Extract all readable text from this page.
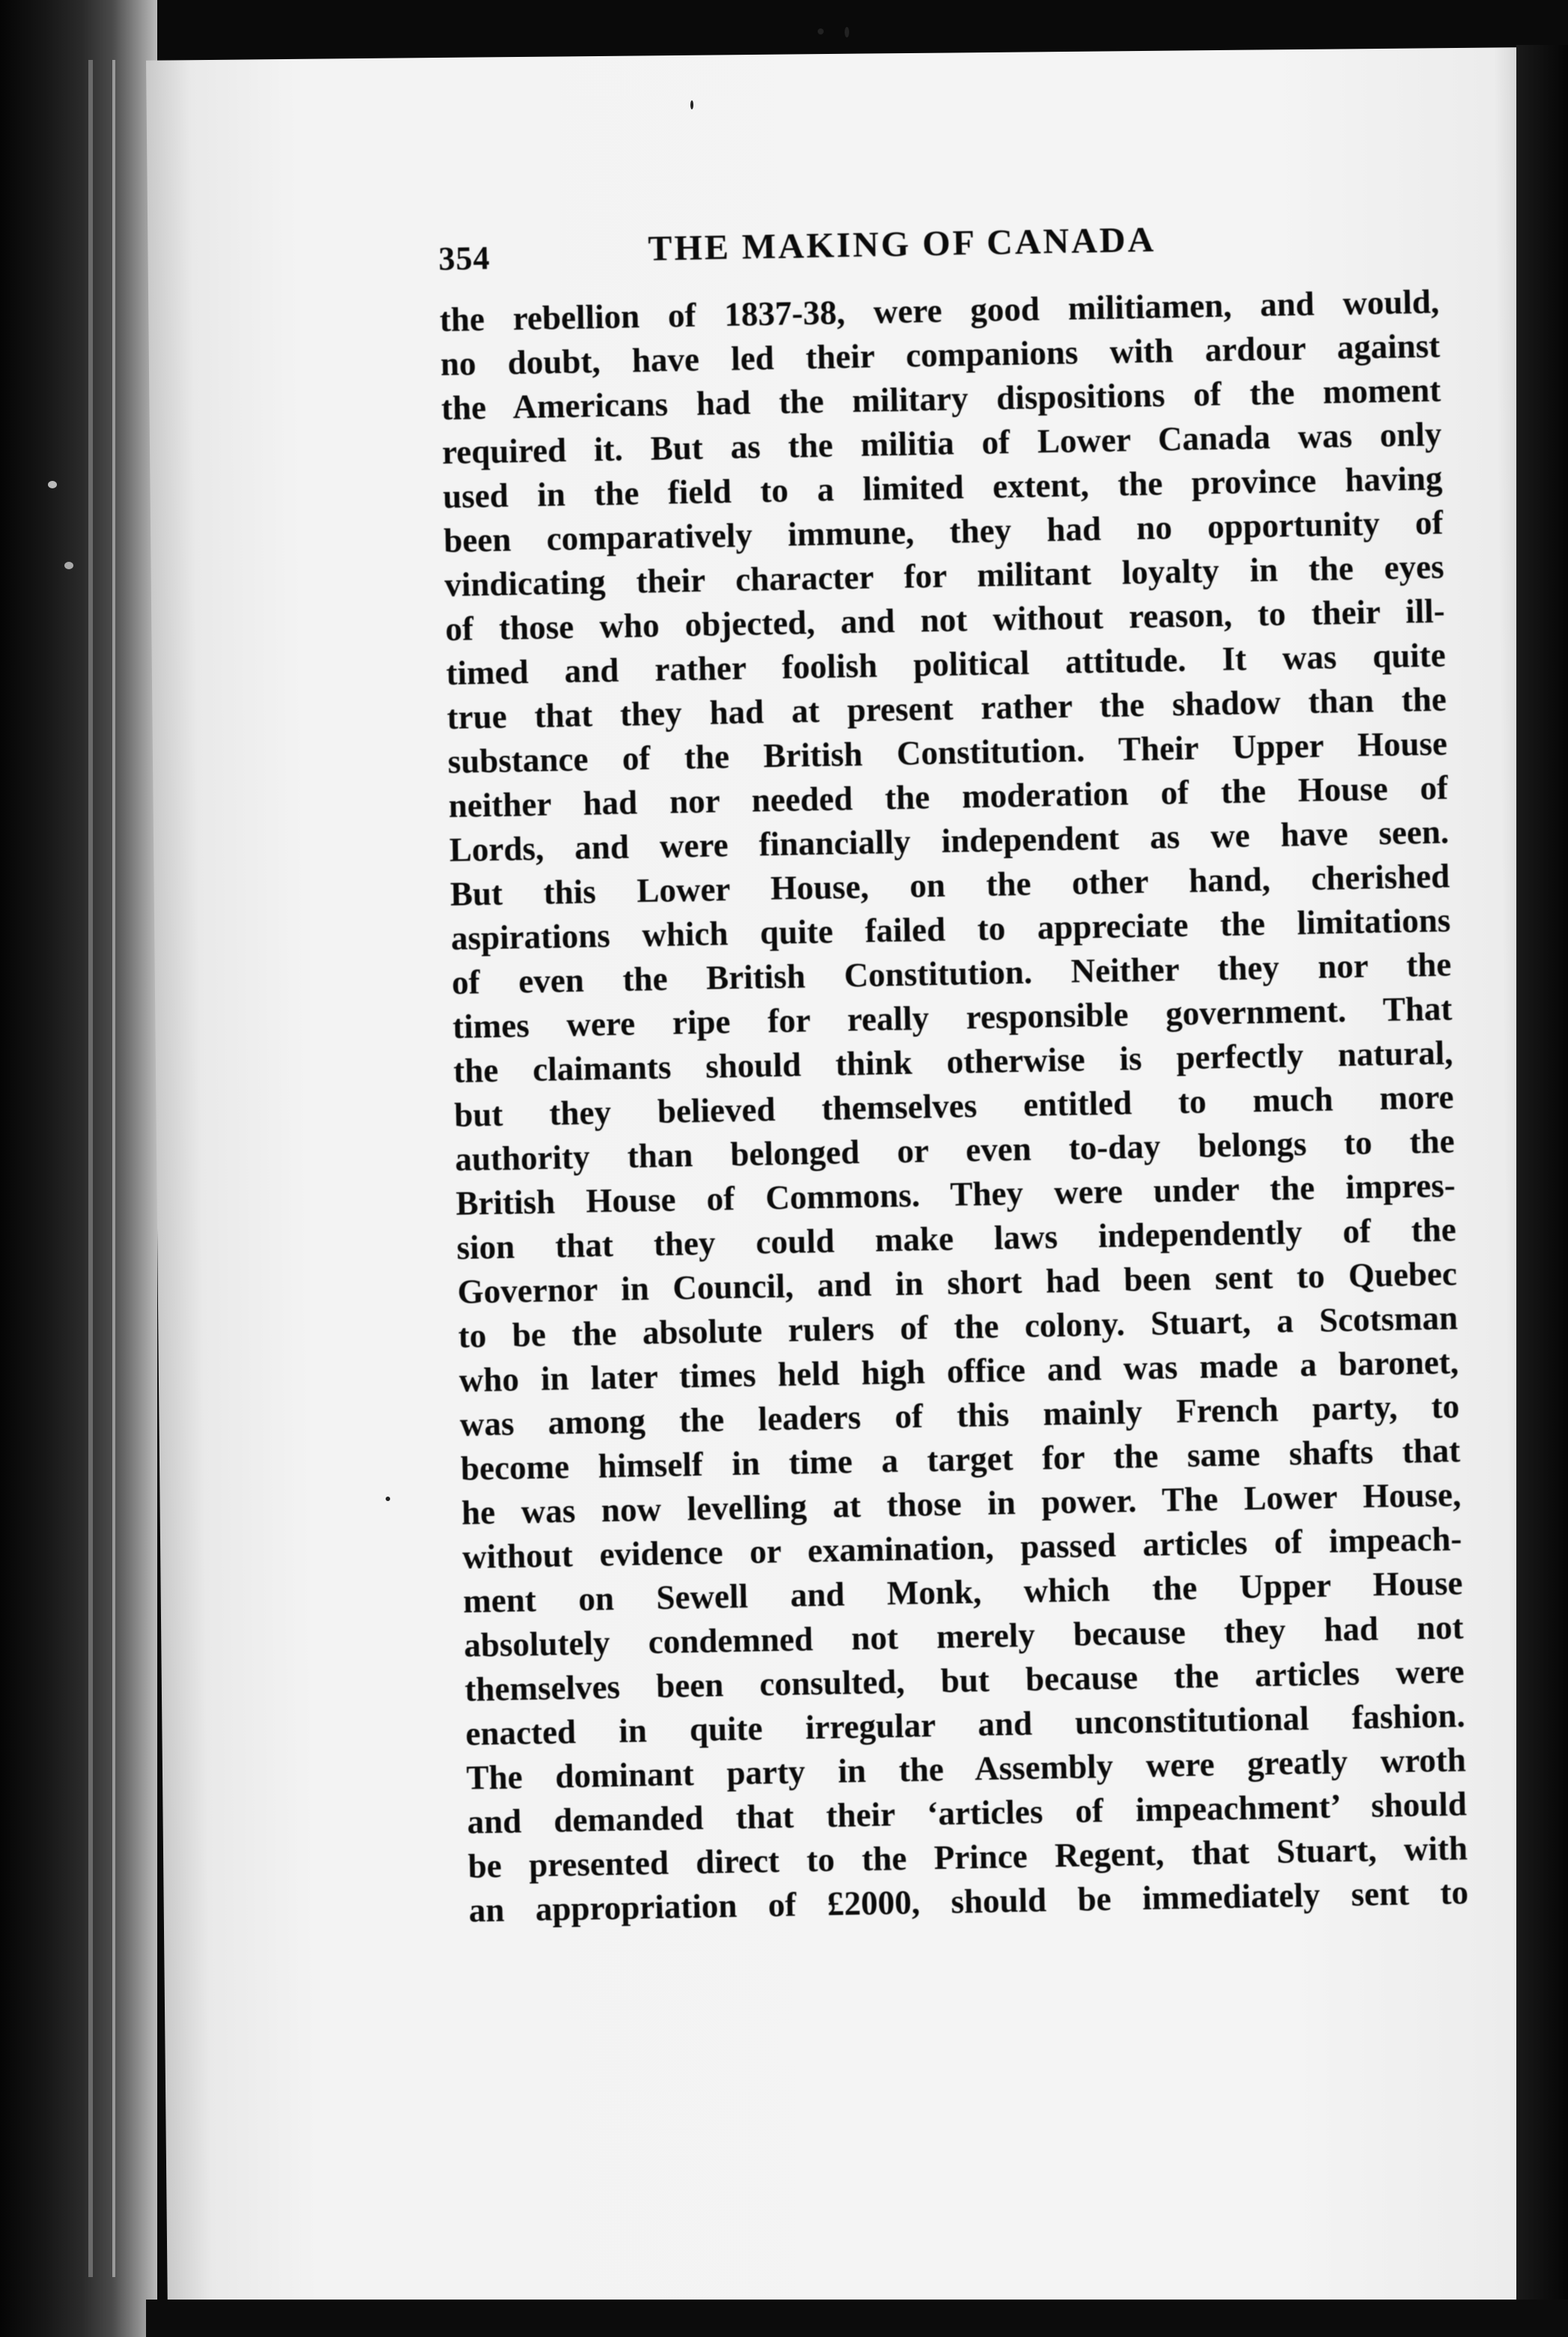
354	THE MAKING OF CANADA
the rebellion of 1837-38, were good militiamen, and would,
no doubt, have led their companions with ardour against
the Americans had the military dispositions of the moment
required it. But as the militia of Lower Canada was only
used in the field to a limited extent, the province having
been comparatively immune, they had no opportunity of
vindicating their character for militant loyalty in the eyes
of those who objected, and not without reason, to their ill-
timed and rather foolish political attitude. It was quite
true that they had at present rather the shadow than the
substance of the British Constitution. Their Upper House
neither had nor needed the moderation of the House of
Lords, and were financially independent as we have seen.
But this Lower House, on the other hand, cherished
aspirations which quite failed to appreciate the limitations
of even the British Constitution. Neither they nor the
times were ripe for really responsible government. That
the claimants should think otherwise is perfectly natural,
but they believed themselves entitled to much more
authority than belonged or even to-day belongs to the
British House of Commons. They were under the impres-
sion that they could make laws independently of the
Governor in Council, and in short had been sent to Quebec
to be the absolute rulers of the colony. Stuart, a Scotsman
who in later times held high office and was made a baronet,
was among the leaders of this mainly French party, to
become himself in time a target for the same shafts that
he was now levelling at those in power. The Lower House,
without evidence or examination, passed articles of impeach-
ment on Sewell and Monk, which the Upper House
absolutely condemned not merely because they had not
themselves been consulted, but because the articles were
enacted in quite irregular and unconstitutional fashion.
The dominant party in the Assembly were greatly wroth
and demanded that their ‘articles of impeachment’ should
be presented direct to the Prince Regent, that Stuart, with
an appropriation of £2000, should be immediately sent to
